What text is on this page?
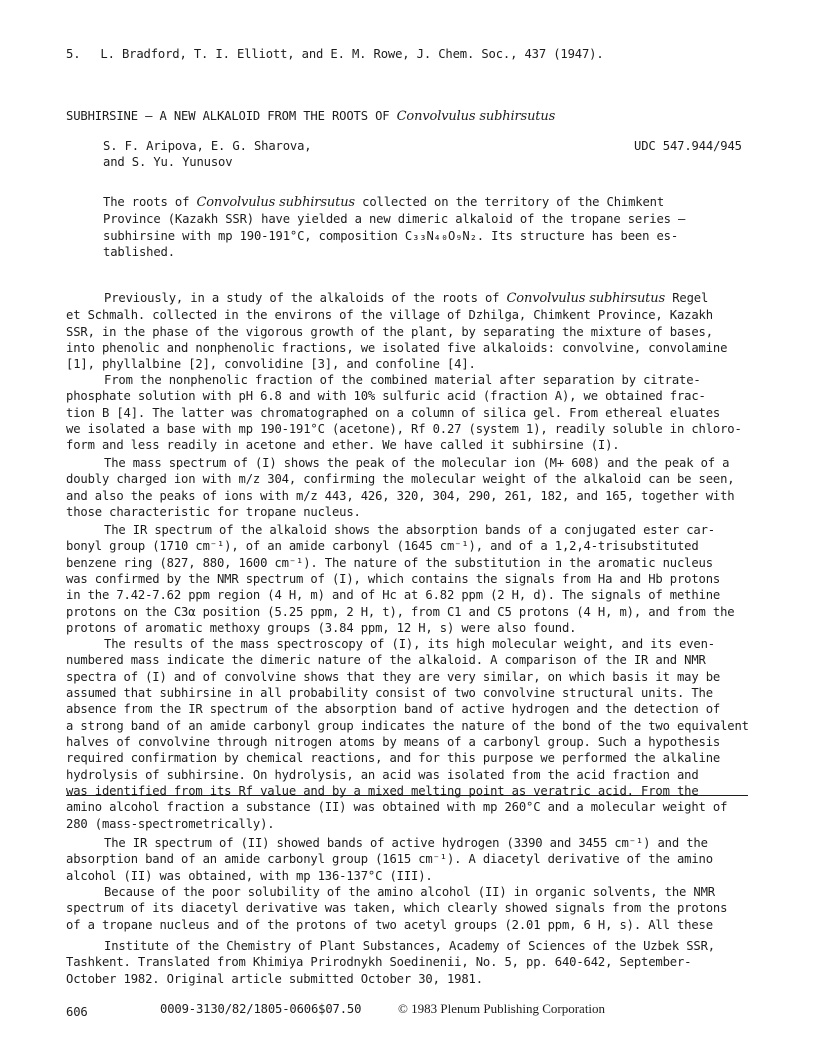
5. L. Bradford, T. I. Elliott, and E. M. Rowe, J. Chem. Soc., 437 (1947).
SUBHIRSINE — A NEW ALKALOID FROM THE ROOTS OF Convolvulus subhirsutus
S. F. Aripova, E. G. Sharova,
and S. Yu. Yunusov
UDC 547.944/945
The roots of Convolvulus subhirsutus collected on the territory of the Chimkent
Province (Kazakh SSR) have yielded a new dimeric alkaloid of the tropane series —
subhirsine with mp 190-191°C, composition C₃₃N₄₀O₉N₂. Its structure has been es-
tablished.
Previously, in a study of the alkaloids of the roots of Convolvulus subhirsutus Regel
et Schmalh. collected in the environs of the village of Dzhilga, Chimkent Province, Kazakh
SSR, in the phase of the vigorous growth of the plant, by separating the mixture of bases,
into phenolic and nonphenolic fractions, we isolated five alkaloids: convolvine, convolamine
[1], phyllalbine [2], convolidine [3], and confoline [4].
From the nonphenolic fraction of the combined material after separation by citrate-
phosphate solution with pH 6.8 and with 10% sulfuric acid (fraction A), we obtained frac-
tion B [4]. The latter was chromatographed on a column of silica gel. From ethereal eluates
we isolated a base with mp 190-191°C (acetone), Rf 0.27 (system 1), readily soluble in chloro-
form and less readily in acetone and ether. We have called it subhirsine (I).
The mass spectrum of (I) shows the peak of the molecular ion (M+ 608) and the peak of a
doubly charged ion with m/z 304, confirming the molecular weight of the alkaloid can be seen,
and also the peaks of ions with m/z 443, 426, 320, 304, 290, 261, 182, and 165, together with
those characteristic for tropane nucleus.
The IR spectrum of the alkaloid shows the absorption bands of a conjugated ester car-
bonyl group (1710 cm⁻¹), of an amide carbonyl (1645 cm⁻¹), and of a 1,2,4-trisubstituted
benzene ring (827, 880, 1600 cm⁻¹). The nature of the substitution in the aromatic nucleus
was confirmed by the NMR spectrum of (I), which contains the signals from Ha and Hb protons
in the 7.42-7.62 ppm region (4 H, m) and of Hc at 6.82 ppm (2 H, d). The signals of methine
protons on the C3α position (5.25 ppm, 2 H, t), from C1 and C5 protons (4 H, m), and from the
protons of aromatic methoxy groups (3.84 ppm, 12 H, s) were also found.
The results of the mass spectroscopy of (I), its high molecular weight, and its even-
numbered mass indicate the dimeric nature of the alkaloid. A comparison of the IR and NMR
spectra of (I) and of convolvine shows that they are very similar, on which basis it may be
assumed that subhirsine in all probability consist of two convolvine structural units. The
absence from the IR spectrum of the absorption band of active hydrogen and the detection of
a strong band of an amide carbonyl group indicates the nature of the bond of the two equivalent
halves of convolvine through nitrogen atoms by means of a carbonyl group. Such a hypothesis
required confirmation by chemical reactions, and for this purpose we performed the alkaline
hydrolysis of subhirsine. On hydrolysis, an acid was isolated from the acid fraction and
was identified from its Rf value and by a mixed melting point as veratric acid. From the
amino alcohol fraction a substance (II) was obtained with mp 260°C and a molecular weight of
280 (mass-spectrometrically).
The IR spectrum of (II) showed bands of active hydrogen (3390 and 3455 cm⁻¹) and the
absorption band of an amide carbonyl group (1615 cm⁻¹). A diacetyl derivative of the amino
alcohol (II) was obtained, with mp 136-137°C (III).
Because of the poor solubility of the amino alcohol (II) in organic solvents, the NMR
spectrum of its diacetyl derivative was taken, which clearly showed signals from the protons
of a tropane nucleus and of the protons of two acetyl groups (2.01 ppm, 6 H, s). All these
Institute of the Chemistry of Plant Substances, Academy of Sciences of the Uzbek SSR,
Tashkent. Translated from Khimiya Prirodnykh Soedinenii, No. 5, pp. 640-642, September-
October 1982. Original article submitted October 30, 1981.
606	0009-3130/82/1805-0606$07.50	© 1983 Plenum Publishing Corporation
